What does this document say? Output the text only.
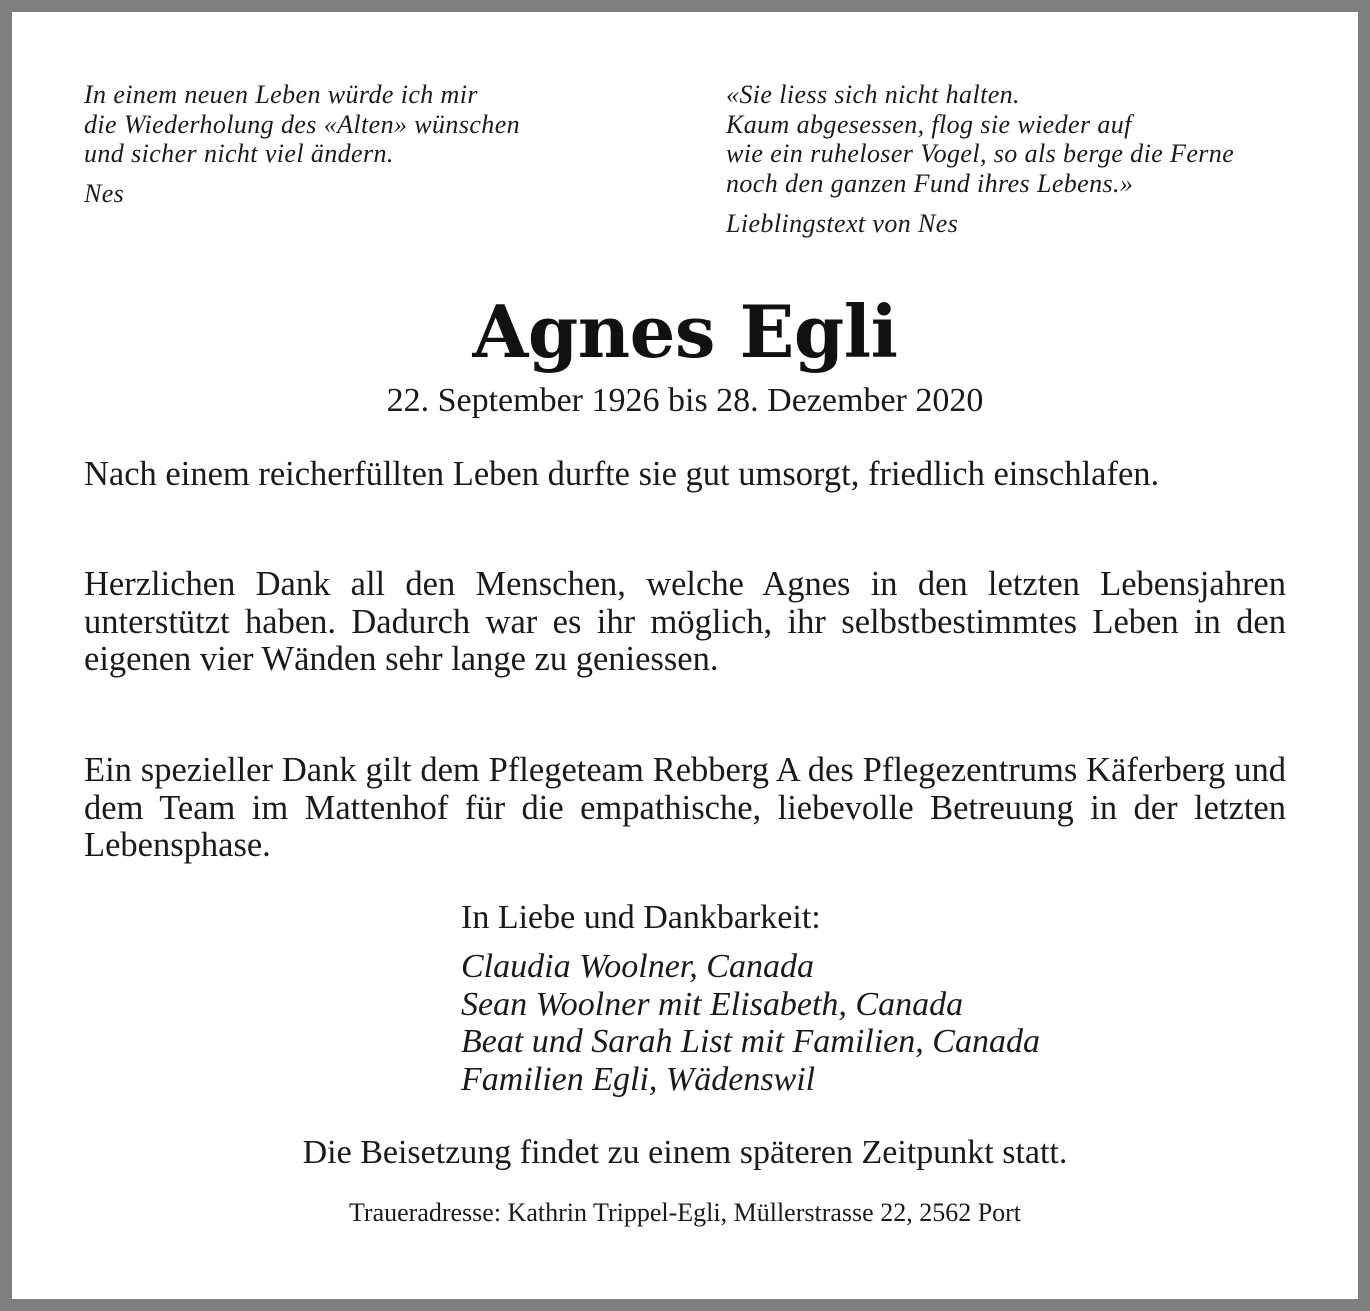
In einem neuen Leben würde ich mir
die Wiederholung des «Alten» wünschen
und sicher nicht viel ändern.
Nes
«Sie liess sich nicht halten.
Kaum abgesessen, flog sie wieder auf
wie ein ruheloser Vogel, so als berge die Ferne
noch den ganzen Fund ihres Lebens.»
Lieblingstext von Nes
Agnes Egli
22. September 1926 bis 28. Dezember 2020

Nach einem reicherfüllten Leben durfte sie gut umsorgt, friedlich einschlafen.

Herzlichen Dank all den Menschen, welche Agnes in den letzten Lebensjahren unterstützt haben. Dadurch war es ihr möglich, ihr selbstbestimmtes Leben in den eigenen vier Wänden sehr lange zu geniessen.

Ein spezieller Dank gilt dem Pflegeteam Rebberg A des Pflegezentrums Käferberg und dem Team im Mattenhof für die empathische, liebevolle Betreuung in der letzten Lebensphase.

In Liebe und Dankbarkeit:
Claudia Woolner, Canada
Sean Woolner mit Elisabeth, Canada
Beat und Sarah List mit Familien, Canada
Familien Egli, Wädenswil
Die Beisetzung findet zu einem späteren Zeitpunkt statt.
Traueradresse: Kathrin Trippel-Egli, Müllerstrasse 22, 2562 Port
